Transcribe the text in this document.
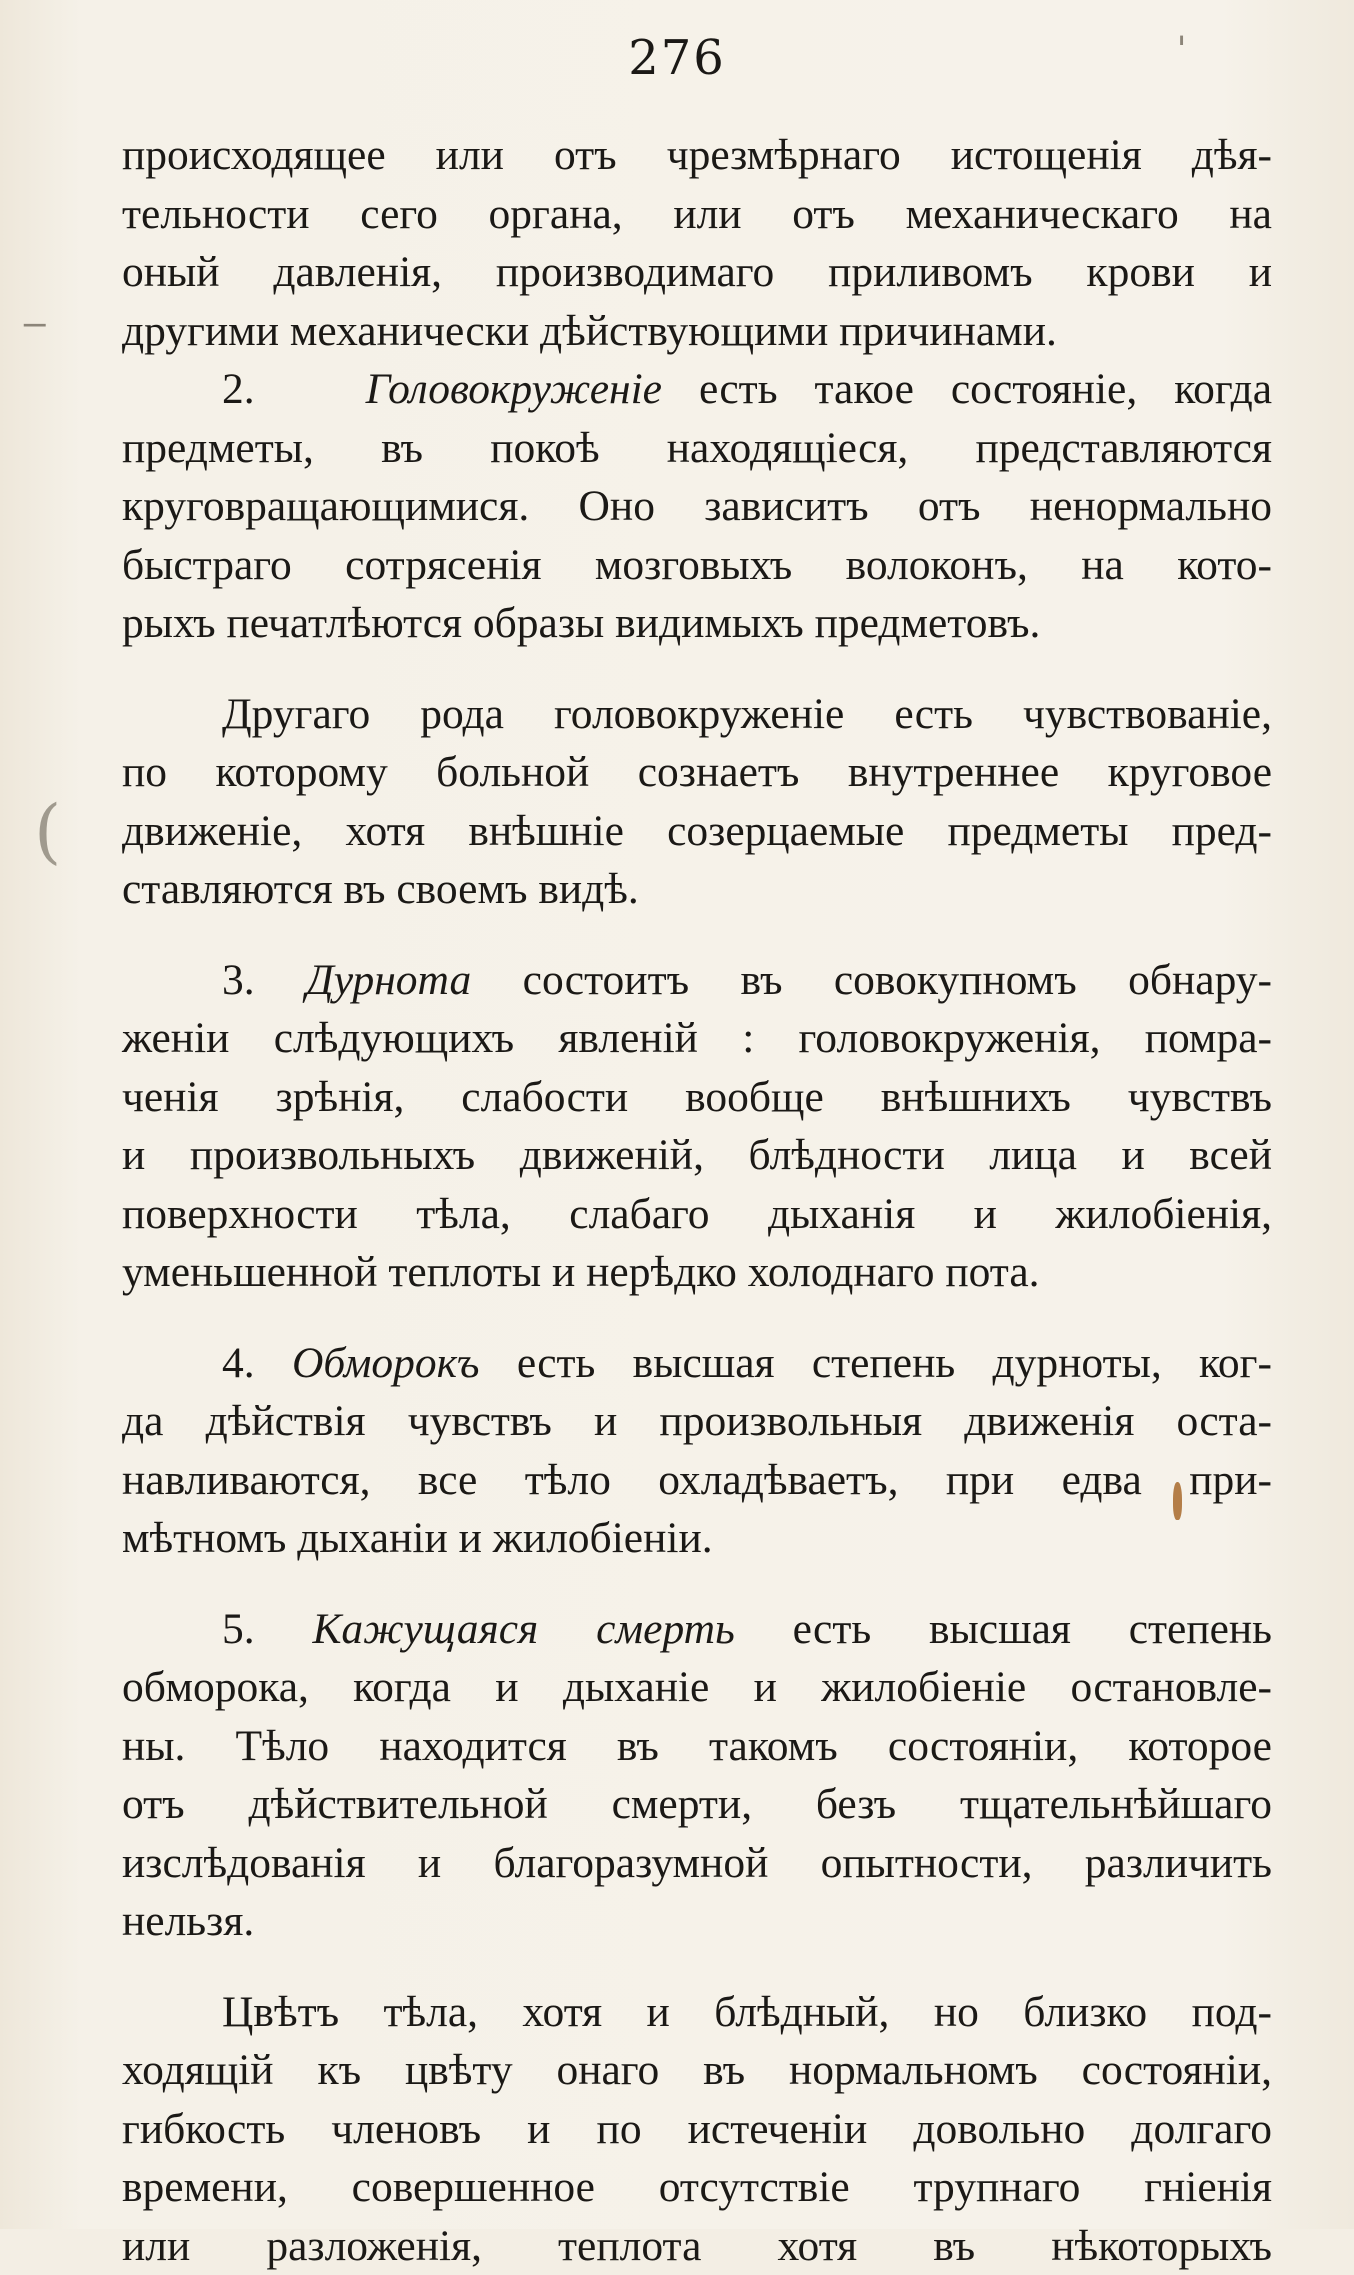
276
‒
(
ˈ
происходящее или отъ чрезмѣрнаго истощенія дѣя-
тельности сего органа, или отъ механическаго на
оный давленія, производимаго приливомъ крови и
другими механически дѣйствующими причинами.
2.	Головокруженіе есть такое состояніе, когда
предметы, въ покоѣ находящіеся, представляются
круговращающимися. Оно зависитъ отъ ненормально
быстраго сотрясенія мозговыхъ волоконъ, на кото-
рыхъ печатлѣются образы видимыхъ предметовъ.
Другаго рода головокруженіе есть чувствованіе,
по которому больной сознаетъ внутреннее круговое
движеніе, хотя внѣшніе созерцаемые предметы пред-
ставляются въ своемъ видѣ.
3. Дурнота состоитъ въ совокупномъ обнару-
женіи слѣдующихъ явленій : головокруженія, помра-
ченія зрѣнія, слабости вообще внѣшнихъ чувствъ
и произвольныхъ движеній, блѣдности лица и всей
поверхности тѣла, слабаго дыханія и жилобіенія,
уменьшенной теплоты и нерѣдко холоднаго пота.
4. Обморокъ есть высшая степень дурноты, ког-
да дѣйствія чувствъ и произвольныя движенія оста-
навливаются, все тѣло охладѣваетъ, при едва при-
мѣтномъ дыханіи и жилобіеніи.
5. Кажущаяся смерть есть высшая степень
обморока, когда и дыханіе и жилобіеніе остановле-
ны. Тѣло находится въ такомъ состояніи, которое
отъ дѣйствительной смерти, безъ тщательнѣйшаго
изслѣдованія и благоразумной опытности, различить
нельзя.
Цвѣтъ тѣла, хотя и блѣдный, но близко под-
ходящій къ цвѣту онаго въ нормальномъ состояніи,
гибкость членовъ и по истеченіи довольно долгаго
времени, совершенное отсутствіе трупнаго гніенія
или разложенія, теплота хотя въ нѣкоторыхъ
